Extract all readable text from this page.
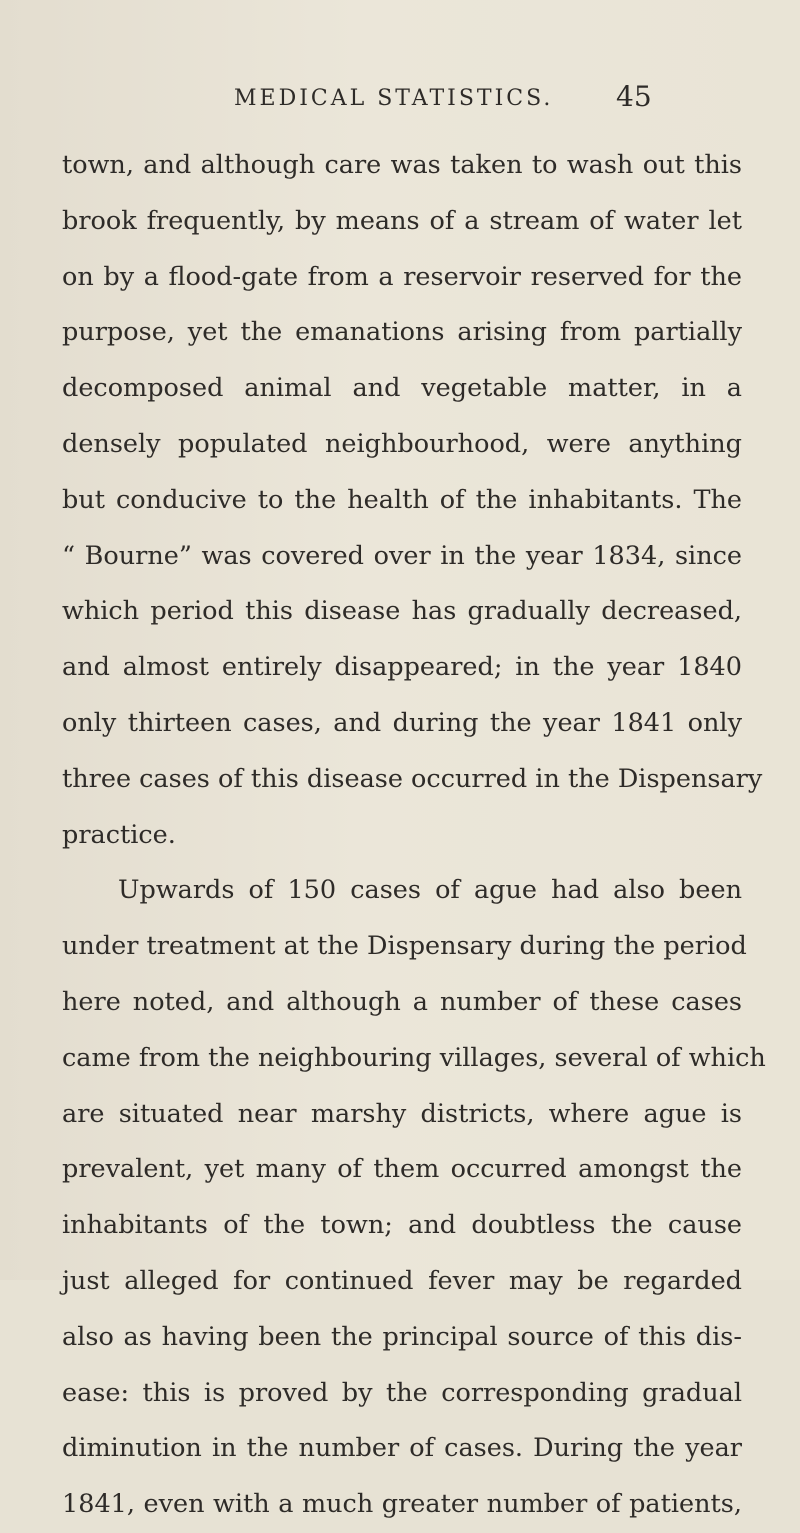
MEDICAL STATISTICS. 45
town, and although care was taken to wash out this
brook frequently, by means of a stream of water let
on by a flood-gate from a reservoir reserved for the
purpose, yet the emanations arising from partially
decomposed animal and vegetable matter, in a
densely populated neighbourhood, were anything
but conducive to the health of the inhabitants. The
“ Bourne” was covered over in the year 1834, since
which period this disease has gradually decreased,
and almost entirely disappeared; in the year 1840
only thirteen cases, and during the year 1841 only
three cases of this disease occurred in the Dispensary
practice.
Upwards of 150 cases of ague had also been
under treatment at the Dispensary during the period
here noted, and although a number of these cases
came from the neighbouring villages, several of which
are situated near marshy districts, where ague is
prevalent, yet many of them occurred amongst the
inhabitants of the town; and doubtless the cause
just alleged for continued fever may be regarded
also as having been the principal source of this dis-
ease: this is proved by the corresponding gradual
diminution in the number of cases. During the year
1841, even with a much greater number of patients,
